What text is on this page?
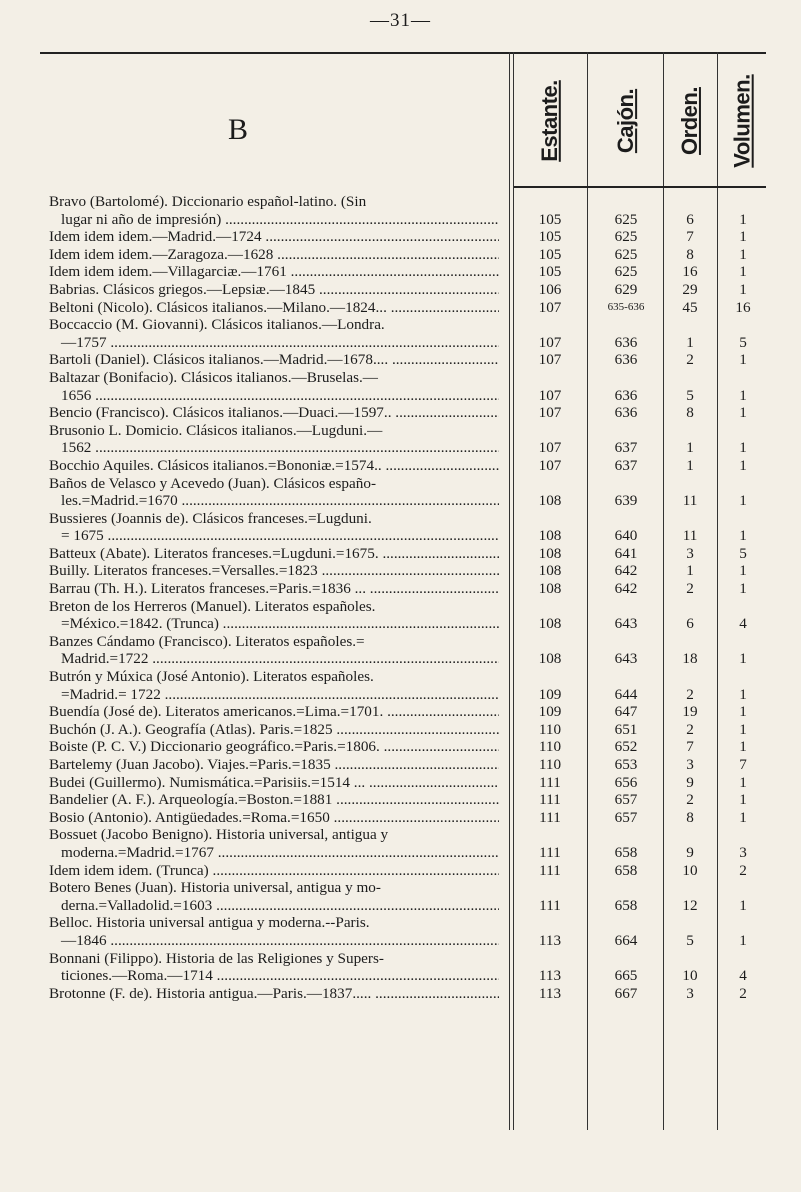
—31—
B	Estante. Cajón. Orden. Volumen.
Bravo (Bartolomé). Diccionario español-latino. (Sin
lugar ni año de impresión) .....	105	625	6	1
Idem idem idem.—Madrid.—1724 .....	105	625	7	1
Idem idem idem.—Zaragoza.—1628 .....	105	625	8	1
Idem idem idem.—Villagarciæ.—1761 .....	105	625	16	1
Babrias. Clásicos griegos.—Lepsiæ.—1845 .....	106	629	29	1
Beltoni (Nicolo). Clásicos italianos.—Milano.—1824... .....	107	635-636	45	16
Boccaccio (M. Giovanni). Clásicos italianos.—Londra.
—1757 .....	107	636	1	5
Bartoli (Daniel). Clásicos italianos.—Madrid.—1678.... .....	107	636	2	1
Baltazar (Bonifacio). Clásicos italianos.—Bruselas.—
1656 .....	107	636	5	1
Bencio (Francisco). Clásicos italianos.—Duaci.—1597.. .....	107	636	8	1
Brusonio L. Domicio. Clásicos italianos.—Lugduni.—
1562 .....	107	637	1	1
Bocchio Aquiles. Clásicos italianos.=Bononiæ.=1574.. .....	107	637	1	1
Baños de Velasco y Acevedo (Juan). Clásicos españo-
les.=Madrid.=1670 .....	108	639	11	1
Bussieres (Joannis de). Clásicos franceses.=Lugduni.
= 1675 .....	108	640	11	1
Batteux (Abate). Literatos franceses.=Lugduni.=1675. .....	108	641	3	5
Builly. Literatos franceses.=Versalles.=1823 .....	108	642	1	1
Barrau (Th. H.). Literatos franceses.=Paris.=1836 ... .....	108	642	2	1
Breton de los Herreros (Manuel). Literatos españoles.
=México.=1842. (Trunca) .....	108	643	6	4
Banzes Cándamo (Francisco). Literatos españoles.=
Madrid.=1722 .....	108	643	18	1
Butrón y Múxica (José Antonio). Literatos españoles.
=Madrid.= 1722 .....	109	644	2	1
Buendía (José de). Literatos americanos.=Lima.=1701. .....	109	647	19	1
Buchón (J. A.). Geografía (Atlas). Paris.=1825 .....	110	651	2	1
Boiste (P. C. V.) Diccionario geográfico.=Paris.=1806. .....	110	652	7	1
Bartelemy (Juan Jacobo). Viajes.=Paris.=1835 .....	110	653	3	7
Budei (Guillermo). Numismática.=Parisiis.=1514 ... .....	111	656	9	1
Bandelier (A. F.). Arqueología.=Boston.=1881 .....	111	657	2	1
Bosio (Antonio). Antigüedades.=Roma.=1650 .....	111	657	8	1
Bossuet (Jacobo Benigno). Historia universal, antigua y
moderna.=Madrid.=1767 .....	111	658	9	3
Idem idem idem. (Trunca) .....	111	658	10	2
Botero Benes (Juan). Historia universal, antigua y mo-
derna.=Valladolid.=1603 .....	111	658	12	1
Belloc. Historia universal antigua y moderna.--Paris.
—1846 .....	113	664	5	1
Bonnani (Filippo). Historia de las Religiones y Supers-
ticiones.—Roma.—1714 .....	113	665	10	4
Brotonne (F. de). Historia antigua.—Paris.—1837..... .....	113	667	3	2
